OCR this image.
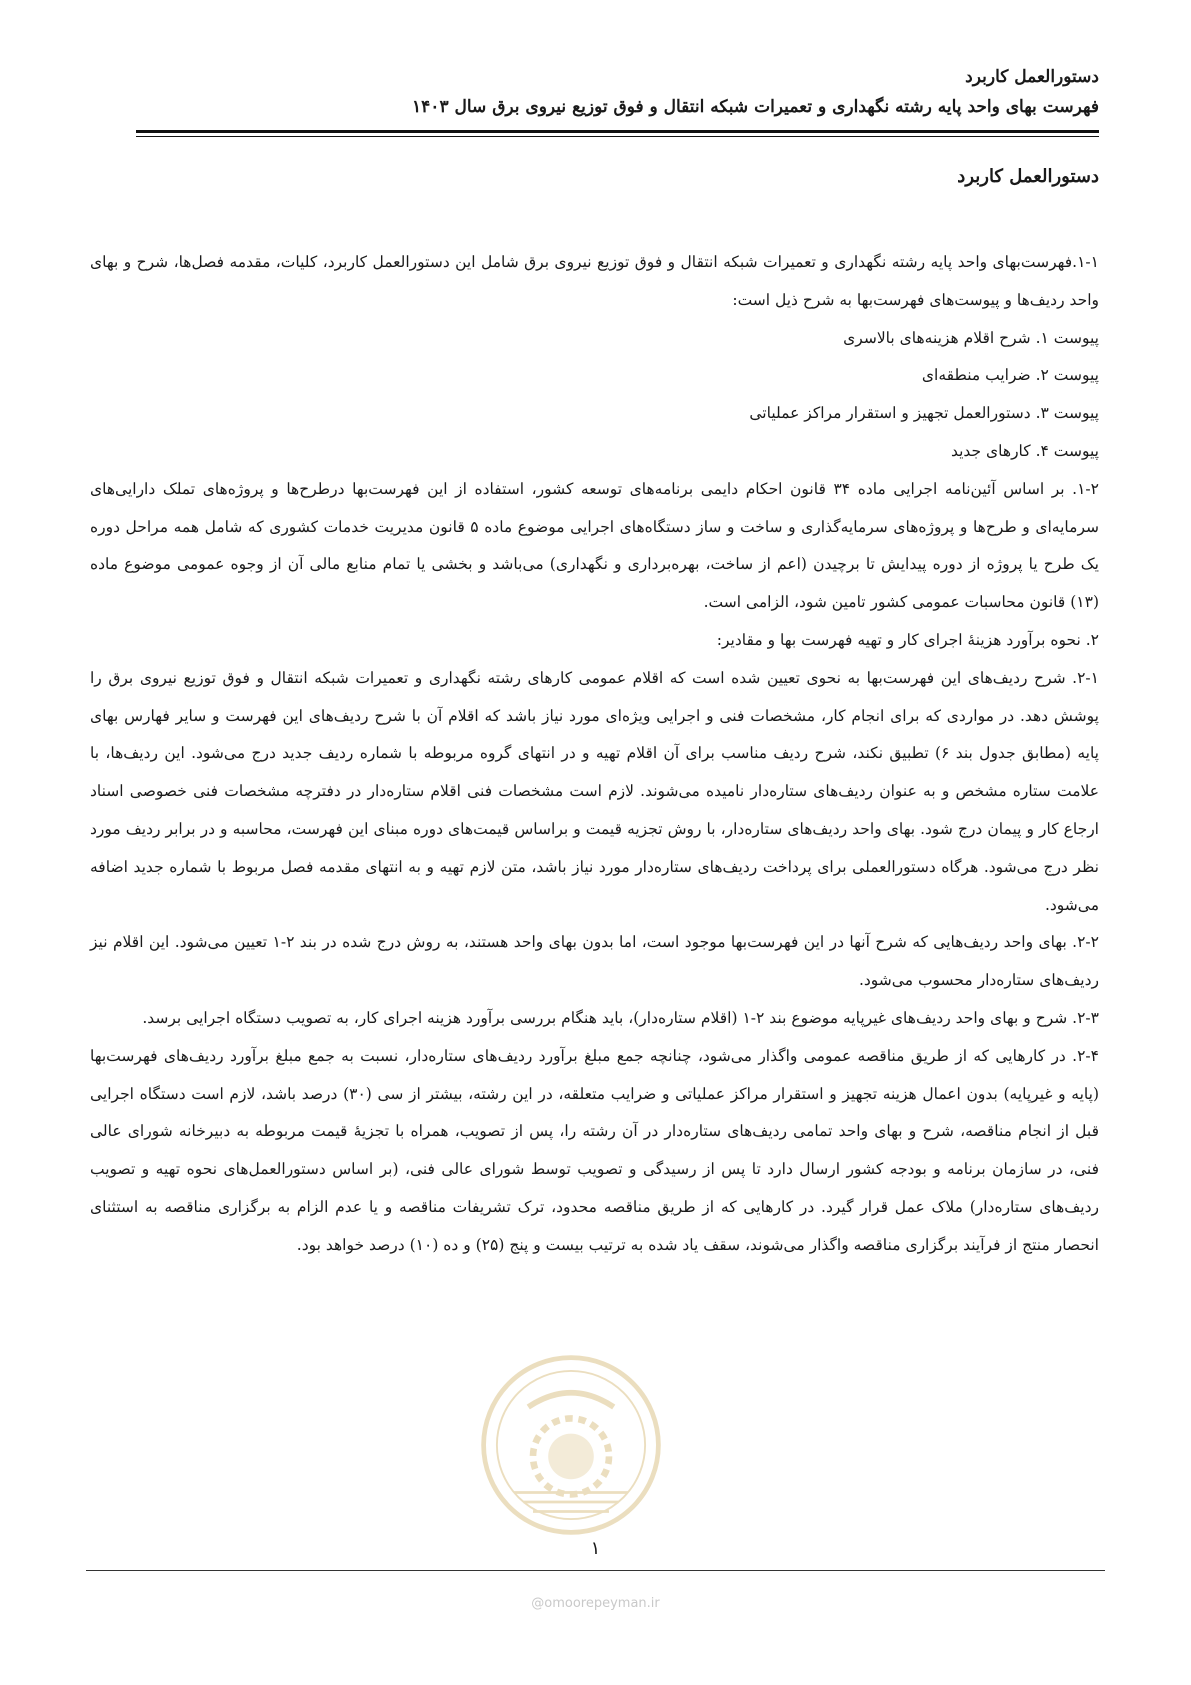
دستورالعمل کاربرد
فهرست بهای واحد پایه رشته نگهداری و تعمیرات شبکه انتقال و فوق توزیع نیروی برق سال ۱۴۰۳
دستورالعمل کاربرد

۱-۱.فهرست‌بهای واحد پایه رشته نگهداری و تعمیرات شبکه انتقال و فوق توزیع نیروی برق شامل این دستورالعمل کاربرد، کلیات، مقدمه فصل‌ها، شرح و بهای واحد ردیف‌ها و پیوست‌های فهرست‌بها به شرح ذیل است:

پیوست ۱. شرح اقلام هزینه‌های بالاسری

پیوست ۲. ضرایب منطقه‌ای

پیوست ۳. دستورالعمل تجهیز و استقرار مراکز عملیاتی

پیوست ۴. کارهای جدید

۱-۲. بر اساس آئین‌نامه اجرایی ماده ۳۴ قانون احکام دایمی برنامه‌های توسعه کشور، استفاده از این فهرست‌بها درطرح‌ها و پروژه‌های تملک دارایی‌های سرمایه‌ای و طرح‌ها و پروژه‌های سرمایه‌گذاری و ساخت و ساز دستگاه‌های اجرایی موضوع ماده ۵ قانون مدیریت خدمات کشوری که شامل همه مراحل دوره یک طرح یا پروژه از دوره پیدایش تا برچیدن (اعم از ساخت، بهره‌برداری و نگهداری) می‌باشد و بخشی یا تمام منابع مالی آن از وجوه عمومی موضوع ماده (۱۳) قانون محاسبات عمومی کشور تامین شود، الزامی است.

۲. نحوه برآورد هزینهٔ اجرای کار و تهیه فهرست بها و مقادیر:

۲-۱. شرح ردیف‌های این فهرست‌بها به نحوی تعیین شده است که اقلام عمومی کارهای رشته نگهداری و تعمیرات شبکه انتقال و فوق توزیع نیروی برق را پوشش دهد. در مواردی که برای انجام کار، مشخصات فنی و اجرایی ویژه‌ای مورد نیاز باشد که اقلام آن با شرح ردیف‌های این فهرست و سایر فهارس بهای پایه (مطابق جدول بند ۶) تطبیق نکند، شرح ردیف مناسب برای آن اقلام تهیه و در انتهای گروه مربوطه با شماره ردیف جدید درج می‌شود. این ردیف‌ها، با علامت ستاره مشخص و به عنوان ردیف‌های ستاره‌دار نامیده می‌شوند. لازم است مشخصات فنی اقلام ستاره‌دار در دفترچه مشخصات فنی خصوصی اسناد ارجاع کار و پیمان درج شود. بهای واحد ردیف‌های ستاره‌دار، با روش تجزیه قیمت و براساس قیمت‌های دوره مبنای این فهرست، محاسبه و در برابر ردیف مورد نظر درج می‌شود. هرگاه دستورالعملی برای پرداخت ردیف‌های ستاره‌دار مورد نیاز باشد، متن لازم تهیه و به انتهای مقدمه فصل مربوط با شماره جدید اضافه می‌شود.

۲-۲. بهای واحد ردیف‌هایی که شرح آنها در این فهرست‌بها موجود است، اما بدون بهای واحد هستند، به روش درج شده در بند ۲-۱ تعیین می‌شود. این اقلام نیز ردیف‌های ستاره‌دار محسوب می‌شود.

۲-۳. شرح و بهای واحد ردیف‌های غیرپایه موضوع بند ۲-۱ (اقلام ستاره‌دار)، باید هنگام بررسی برآورد هزینه اجرای کار، به تصویب دستگاه اجرایی برسد.

۲-۴. در کارهایی که از طریق مناقصه عمومی واگذار می‌شود، چنانچه جمع مبلغ برآورد ردیف‌های ستاره‌دار، نسبت به جمع مبلغ برآورد ردیف‌های فهرست‌بها (پایه و غیرپایه) بدون اعمال هزینه تجهیز و استقرار مراکز عملیاتی و ضرایب متعلقه، در این رشته، بیشتر از سی (۳۰) درصد باشد، لازم است دستگاه اجرایی قبل از انجام مناقصه، شرح و بهای واحد تمامی ردیف‌های ستاره‌دار در آن رشته را، پس از تصویب، همراه با تجزیهٔ قیمت مربوطه به دبیرخانه شورای عالی فنی، در سازمان برنامه و بودجه کشور ارسال دارد تا پس از رسیدگی و تصویب توسط شورای عالی فنی، (بر اساس دستورالعمل‌های نحوه تهیه و تصویب ردیف‌های ستاره‌دار) ملاک عمل قرار گیرد. در کارهایی که از طریق مناقصه محدود، ترک تشریفات مناقصه و یا عدم الزام به برگزاری مناقصه به استثنای انحصار منتج از فرآیند برگزاری مناقصه واگذار می‌شوند، سقف یاد شده به ترتیب بیست و پنج (۲۵) و ده (۱۰) درصد خواهد بود.

۱
@omoorepeyman.ir
